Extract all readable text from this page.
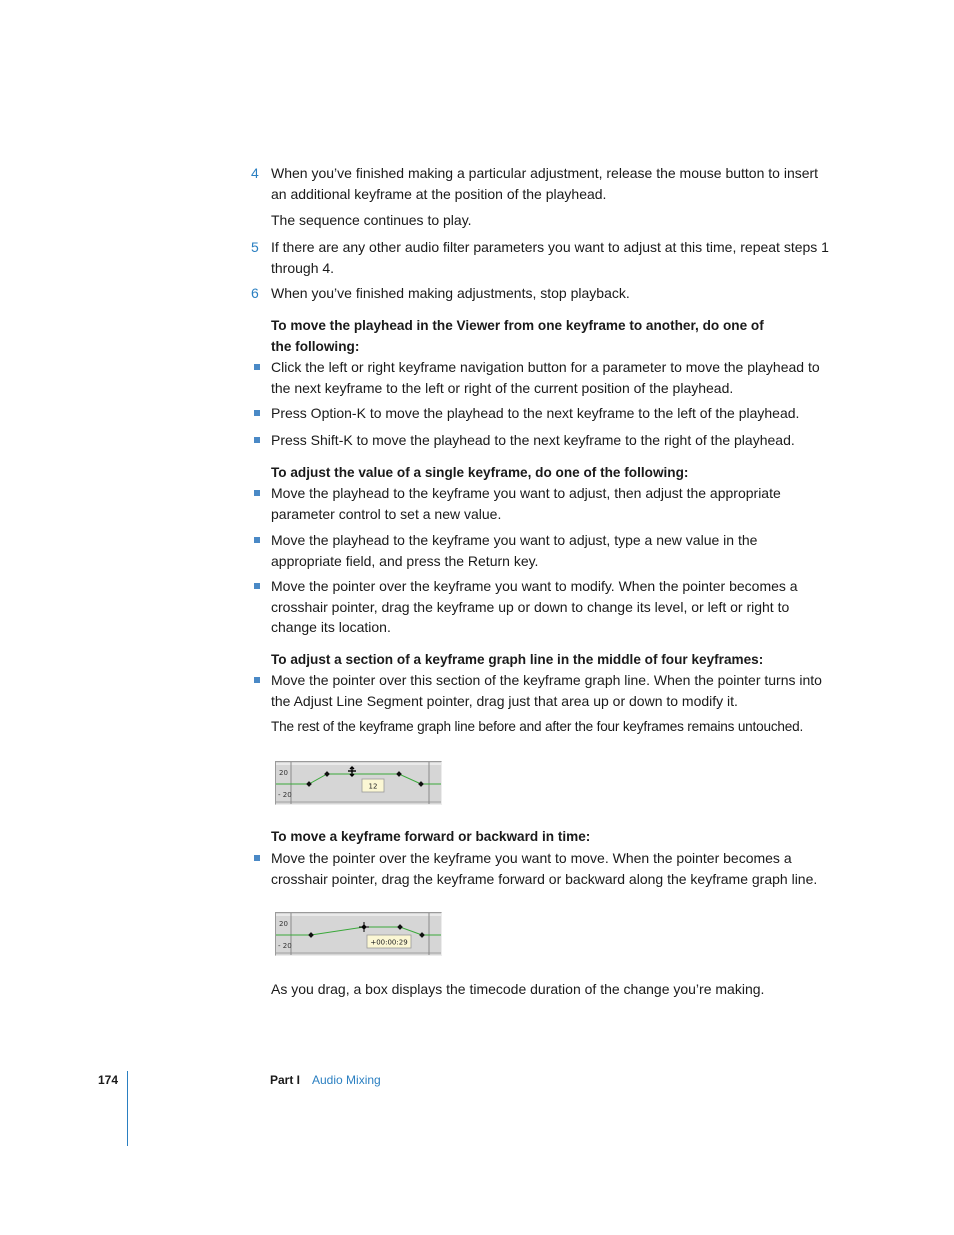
4 When you’ve finished making a particular adjustment, release the mouse button to insert an additional keyframe at the position of the playhead.

The sequence continues to play.

5 If there are any other audio filter parameters you want to adjust at this time, repeat steps 1 through 4.

6 When you’ve finished making adjustments, stop playback.

To move the playhead in the Viewer from one keyframe to another, do one of the following:

Click the left or right keyframe navigation button for a parameter to move the playhead to the next keyframe to the left or right of the current position of the playhead.

Press Option-K to move the playhead to the next keyframe to the left of the playhead.

Press Shift-K to move the playhead to the next keyframe to the right of the playhead.

To adjust the value of a single keyframe, do one of the following:

Move the playhead to the keyframe you want to adjust, then adjust the appropriate parameter control to set a new value.

Move the playhead to the keyframe you want to adjust, type a new value in the appropriate field, and press the Return key.

Move the pointer over the keyframe you want to modify. When the pointer becomes a crosshair pointer, drag the keyframe up or down to change its level, or left or right to change its location.

To adjust a section of a keyframe graph line in the middle of four keyframes:

Move the pointer over this section of the keyframe graph line. When the pointer turns into the Adjust Line Segment pointer, drag just that area up or down to modify it.

The rest of the keyframe graph line before and after the four keyframes remains untouched.

20
- 20
12

To move a keyframe forward or backward in time:

Move the pointer over the keyframe you want to move. When the pointer becomes a crosshair pointer, drag the keyframe forward or backward along the keyframe graph line.

20
- 20	+00:00:29

As you drag, a box displays the timecode duration of the change you’re making.

174	Part I Audio Mixing
